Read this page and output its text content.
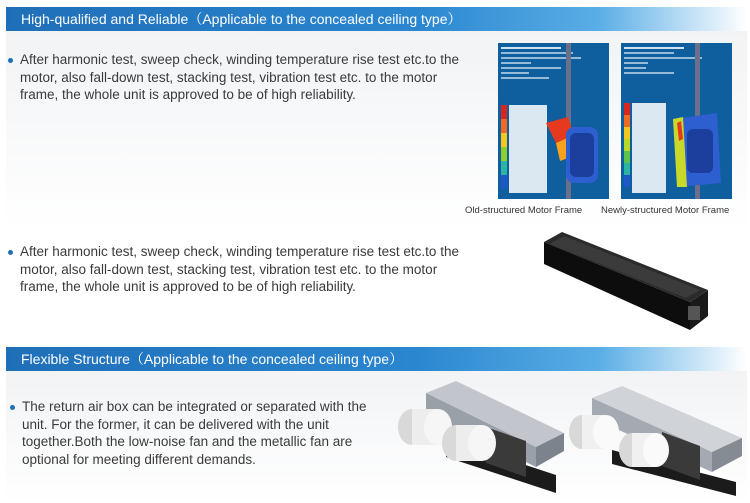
High-qualified and Reliable（Applicable to the concealed ceiling type）
After harmonic test, sweep check, winding temperature rise test etc.to the motor, also fall-down test, stacking test, vibration test etc. to the motor frame, the whole unit is approved to be of high reliability.
Old-structured Motor Frame Newly-structured Motor Frame
After harmonic test, sweep check, winding temperature rise test etc.to the motor, also fall-down test, stacking test, vibration test etc. to the motor frame, the whole unit is approved to be of high reliability.
Flexible Structure（Applicable to the concealed ceiling type）
The return air box can be integrated or separated with the unit. For the former, it can be delivered with the unit together.Both the low-noise fan and the metallic fan are optional for meeting different demands.
